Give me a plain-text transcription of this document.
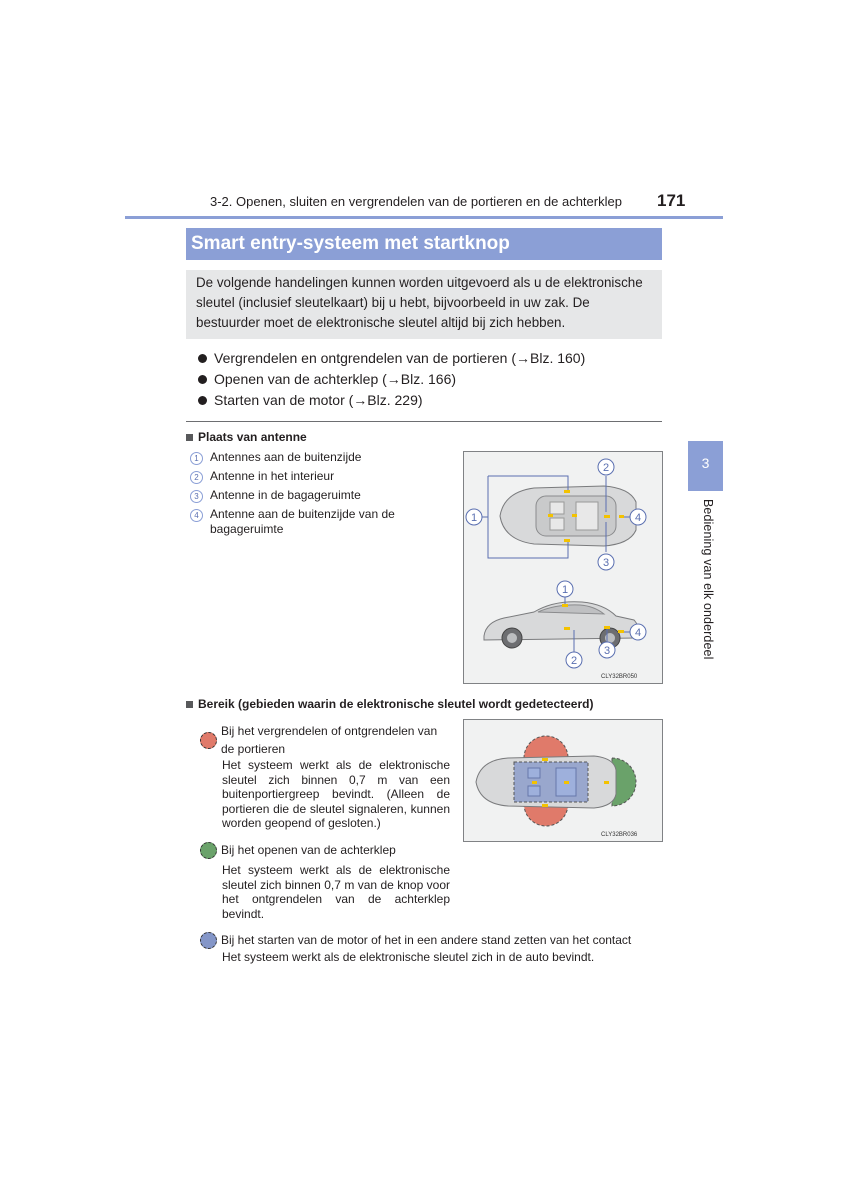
3-2. Openen, sluiten en vergrendelen van de portieren en de achterklep 171
Smart entry-systeem met startknop
De volgende handelingen kunnen worden uitgevoerd als u de elektronische sleutel (inclusief sleutelkaart) bij u hebt, bijvoorbeeld in uw zak. De bestuurder moet de elektronische sleutel altijd bij zich hebben.
Vergrendelen en ontgrendelen van de portieren (→Blz. 160)
Openen van de achterklep (→Blz. 166)
Starten van de motor (→Blz. 229)
Plaats van antenne
1 Antennes aan de buitenzijde
2 Antenne in het interieur
3 Antenne in de bagageruimte
4 Antenne aan de buitenzijde van de bagageruimte
1
2
3
4
1
2
3
4
CLY32BR050
Bereik (gebieden waarin de elektronische sleutel wordt gedetecteerd)
Bij het vergrendelen of ontgrendelen van de portieren
Het systeem werkt als de elektronische sleutel zich binnen 0,7 m van een buitenportiergreep bevindt. (Alleen de portieren die de sleutel signaleren, kunnen worden geopend of gesloten.)
Bij het openen van de achterklep
Het systeem werkt als de elektronische sleutel zich binnen 0,7 m van de knop voor het ontgrendelen van de achterklep bevindt.
Bij het starten van de motor of het in een andere stand zetten van het contact
Het systeem werkt als de elektronische sleutel zich in de auto bevindt.
CLY32BR036
3
Bediening van elk onderdeel
